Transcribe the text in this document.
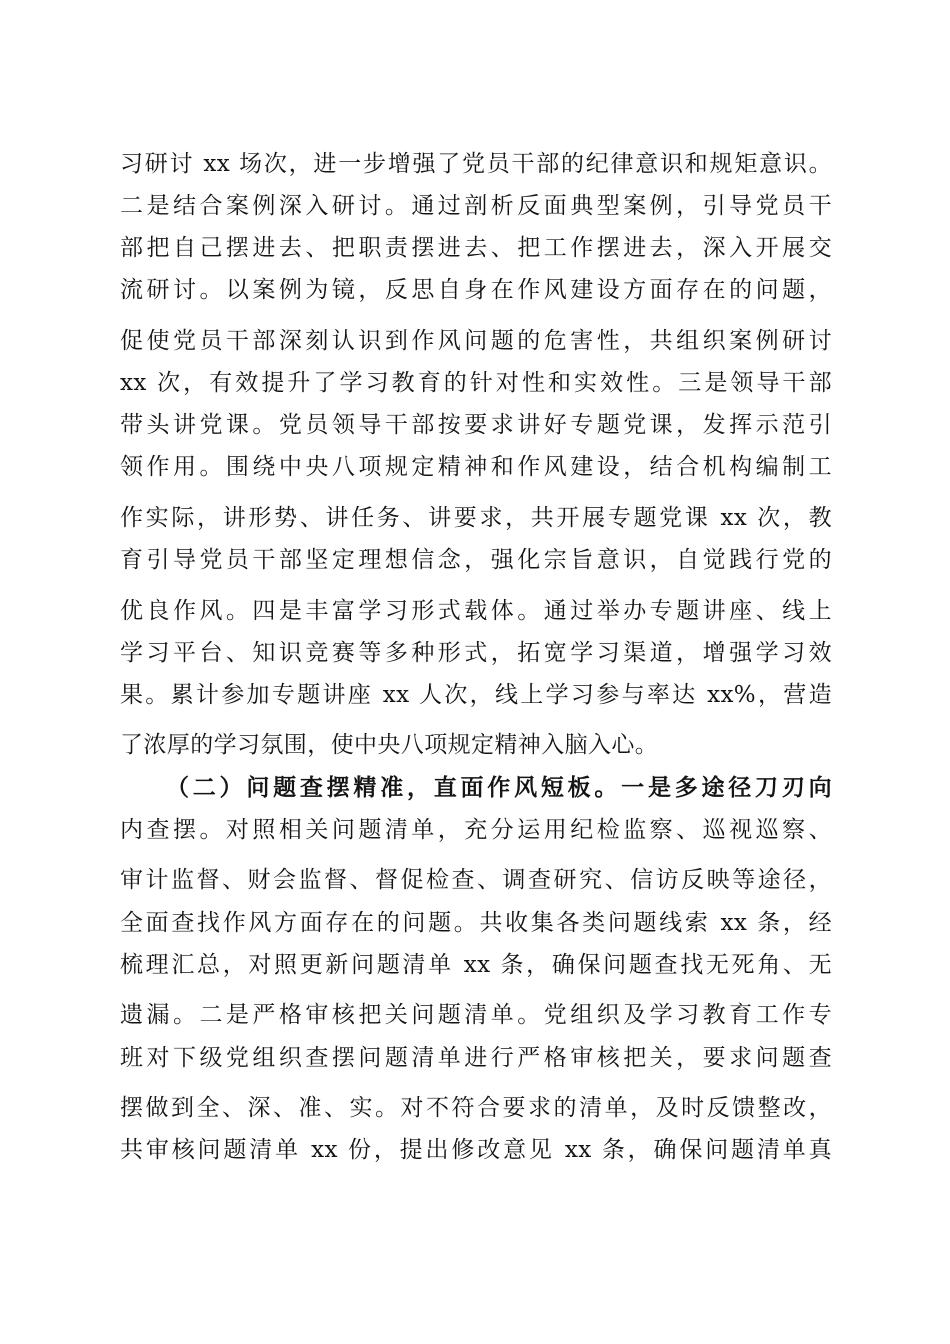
习研讨 xx 场次，进一步增强了党员干部的纪律意识和规矩意识。

二是结合案例深入研讨。通过剖析反面典型案例，引导党员干

部把自己摆进去、把职责摆进去、把工作摆进去，深入开展交

流研讨。以案例为镜，反思自身在作风建设方面存在的问题，

促使党员干部深刻认识到作风问题的危害性，共组织案例研讨

xx 次，有效提升了学习教育的针对性和实效性。三是领导干部

带头讲党课。党员领导干部按要求讲好专题党课，发挥示范引

领作用。围绕中央八项规定精神和作风建设，结合机构编制工

作实际，讲形势、讲任务、讲要求，共开展专题党课 xx 次，教

育引导党员干部坚定理想信念，强化宗旨意识，自觉践行党的

优良作风。四是丰富学习形式载体。通过举办专题讲座、线上

学习平台、知识竞赛等多种形式，拓宽学习渠道，增强学习效

果。累计参加专题讲座 xx 人次，线上学习参与率达 xx%，营造

了浓厚的学习氛围，使中央八项规定精神入脑入心。

（二）问题查摆精准，直面作风短板。一是多途径刀刃向

内查摆。对照相关问题清单，充分运用纪检监察、巡视巡察、

审计监督、财会监督、督促检查、调查研究、信访反映等途径，

全面查找作风方面存在的问题。共收集各类问题线索 xx 条，经

梳理汇总，对照更新问题清单 xx 条，确保问题查找无死角、无

遗漏。二是严格审核把关问题清单。党组织及学习教育工作专

班对下级党组织查摆问题清单进行严格审核把关，要求问题查

摆做到全、深、准、实。对不符合要求的清单，及时反馈整改，

共审核问题清单 xx 份，提出修改意见 xx 条，确保问题清单真
